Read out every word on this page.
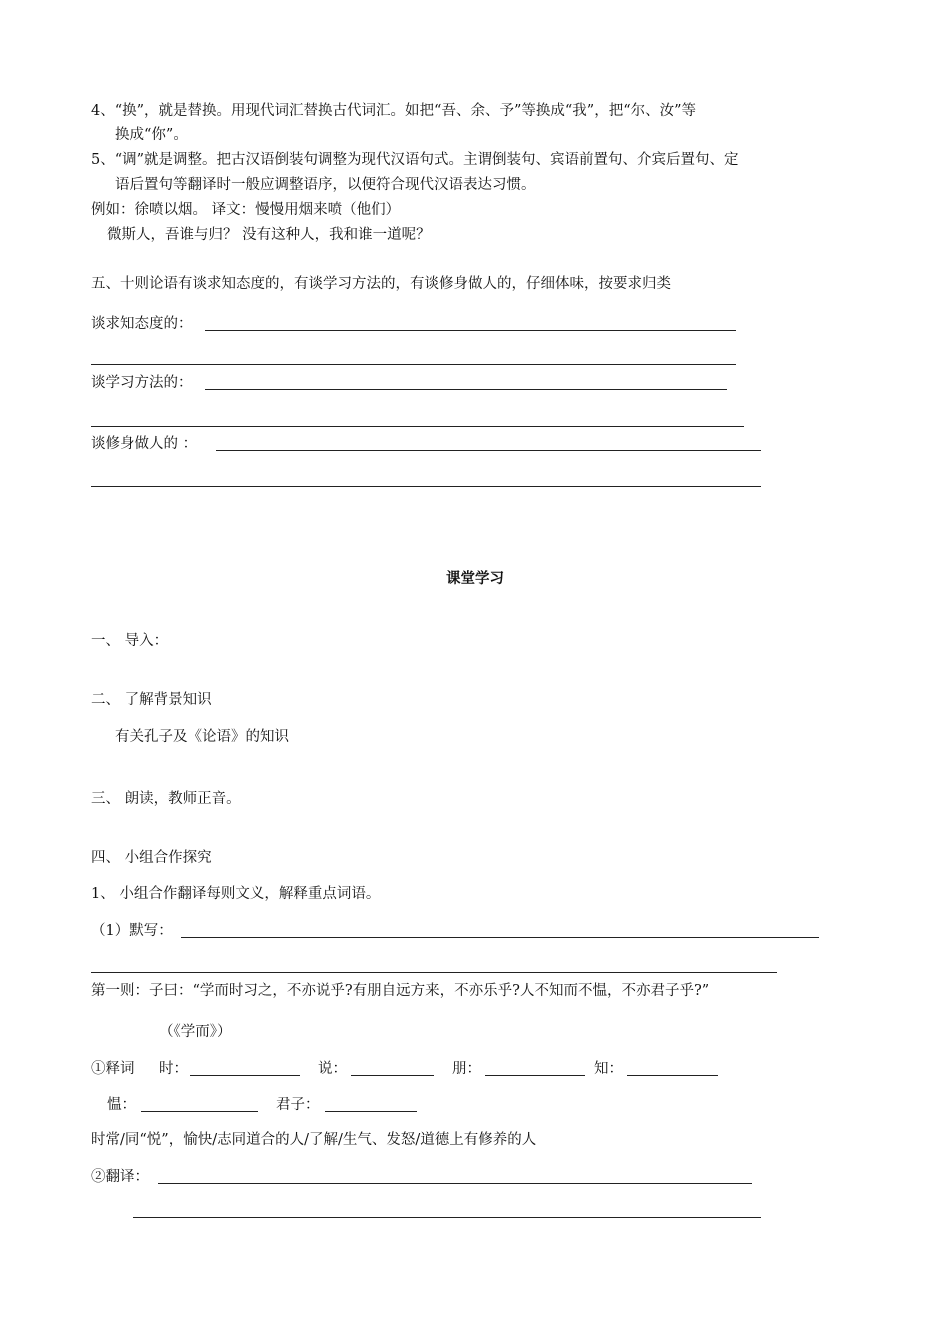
4、“换”，就是替换。用现代词汇替换古代词汇。如把“吾、余、予”等换成“我”，把“尔、汝”等
换成“你”。
5、“调”就是调整。把古汉语倒装句调整为现代汉语句式。主谓倒装句、宾语前置句、介宾后置句、定
语后置句等翻译时一般应调整语序，以便符合现代汉语表达习惯。
例如：徐喷以烟。 译文：慢慢用烟来喷（他们）
微斯人，吾谁与归？ 没有这种人，我和谁一道呢？
五、十则论语有谈求知态度的，有谈学习方法的，有谈修身做人的，仔细体味，按要求归类
谈求知态度的：
谈学习方法的：
谈修身做人的 ：
课堂学习
一、 导入：
二、 了解背景知识
有关孔子及《论语》的知识
三、 朗读，教师正音。
四、 小组合作探究
1、 小组合作翻译每则文义，解释重点词语。
（1）默写：
第一则：子曰：“学而时习之，不亦说乎?有朋自远方来，不亦乐乎?人不知而不愠，不亦君子乎?”
（《学而》）
①释词 时：	说：	朋：	知：
愠：	君子：
时常/同“悦”，愉快/志同道合的人/了解/生气、发怒/道德上有修养的人
②翻译：
